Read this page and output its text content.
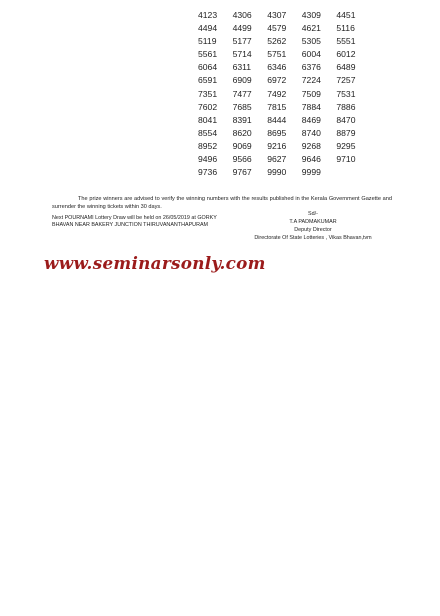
4123	4306	4307	4309	4451
4494	4499	4579	4621	5116
5119	5177	5262	5305	5551
5561	5714	5751	6004	6012
6064	6311	6346	6376	6489
6591	6909	6972	7224	7257
7351	7477	7492	7509	7531
7602	7685	7815	7884	7886
8041	8391	8444	8469	8470
8554	8620	8695	8740	8879
8952	9069	9216	9268	9295
9496	9566	9627	9646	9710
9736	9767	9990	9999
The prize winners are advised to verify the winning numbers with the results published in the Kerala Government Gazette and surrender the winning tickets within 30 days.
Next POURNAMI Lottery Draw will be held on 26/05/2019 at GORKY
BHAVAN NEAR BAKERY JUNCTION THIRUVANANTHAPURAM
Sd/-
T.A PADMAKUMAR
Deputy Director
Directorate Of State Lotteries , Vikas Bhavan,tvm
www.seminarsonly.com
